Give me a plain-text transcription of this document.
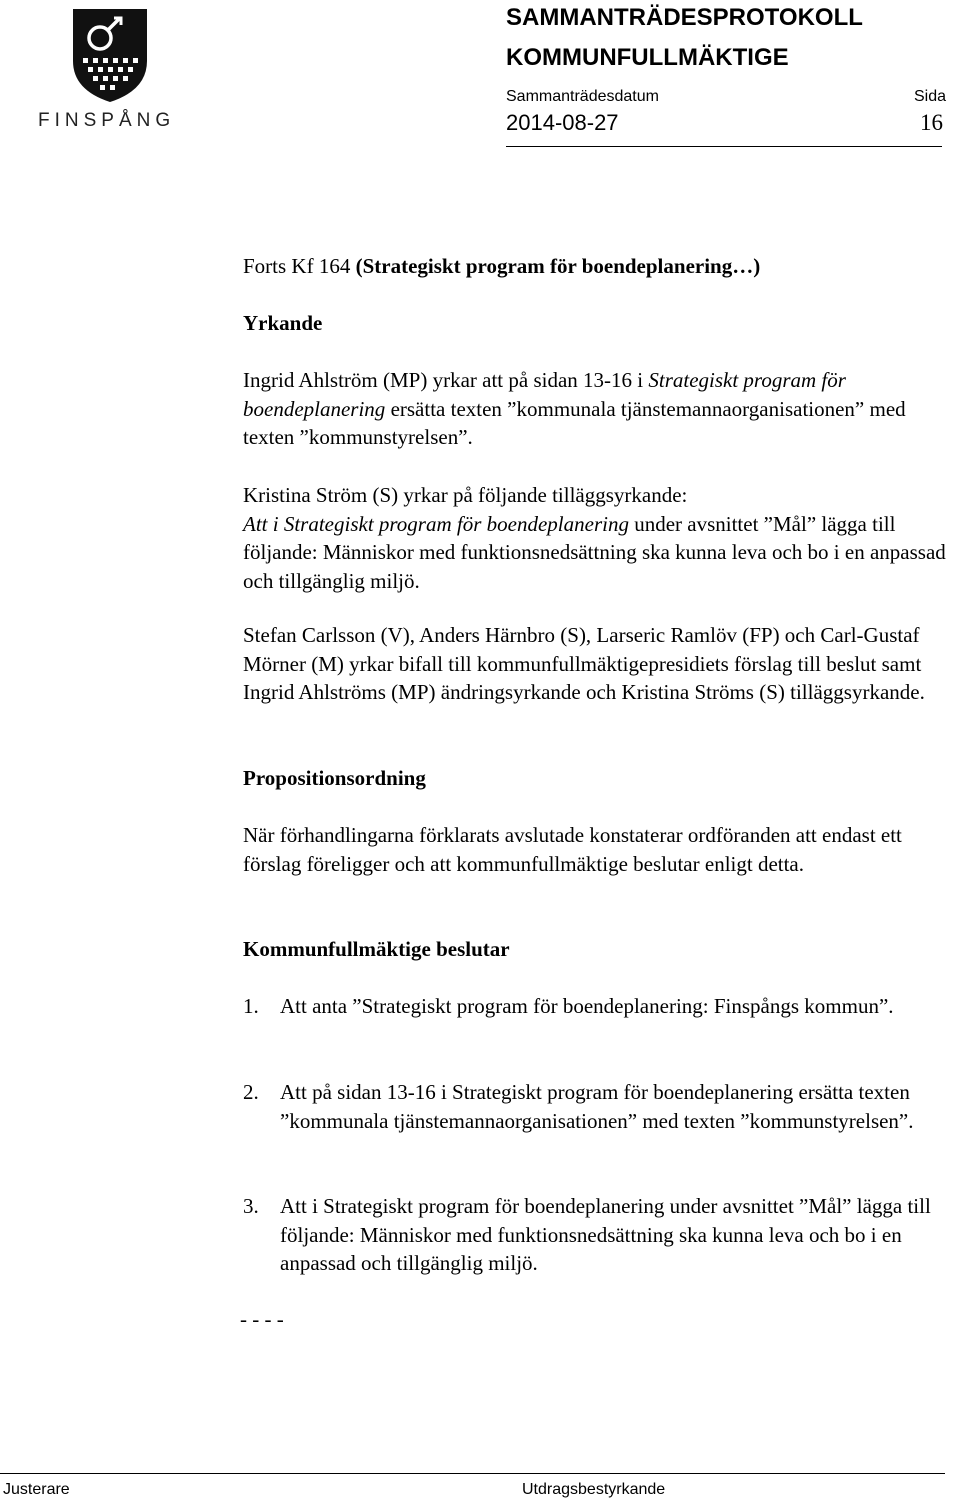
FINSPÅNG
SAMMANTRÄDESPROTOKOLL
KOMMUNFULLMÄKTIGE
Sammanträdesdatum	Sida
2014-08-27	16
Forts Kf 164 (Strategiskt program för boendeplanering…)
Yrkande

Ingrid Ahlström (MP) yrkar att på sidan 13-16 i Strategiskt program för boendeplanering ersätta texten ”kommunala tjänstemannaorganisationen” med texten ”kommunstyrelsen”.

Kristina Ström (S) yrkar på följande tilläggsyrkande:
Att i Strategiskt program för boendeplanering under avsnittet ”Mål” lägga till följande: Människor med funktionsnedsättning ska kunna leva och bo i en anpassad och tillgänglig miljö.

Stefan Carlsson (V), Anders Härnbro (S), Larseric Ramlöv (FP) och Carl-Gustaf Mörner (M) yrkar bifall till kommunfullmäktigepresidiets förslag till beslut samt Ingrid Ahlströms (MP) ändringsyrkande och Kristina Ströms (S) tilläggsyrkande.

Propositionsordning

När förhandlingarna förklarats avslutade konstaterar ordföranden att endast ett förslag föreligger och att kommunfullmäktige beslutar enligt detta.

Kommunfullmäktige beslutar
1.	Att anta ”Strategiskt program för boendeplanering: Finspångs kommun”.
2.	Att på sidan 13-16 i Strategiskt program för boendeplanering ersätta texten ”kommunala tjänstemannaorganisationen” med texten ”kommunstyrelsen”.
3.	Att i Strategiskt program för boendeplanering under avsnittet ”Mål” lägga till följande: Människor med funktionsnedsättning ska kunna leva och bo i en anpassad och tillgänglig miljö.
- - - -
Justerare	Utdragsbestyrkande
